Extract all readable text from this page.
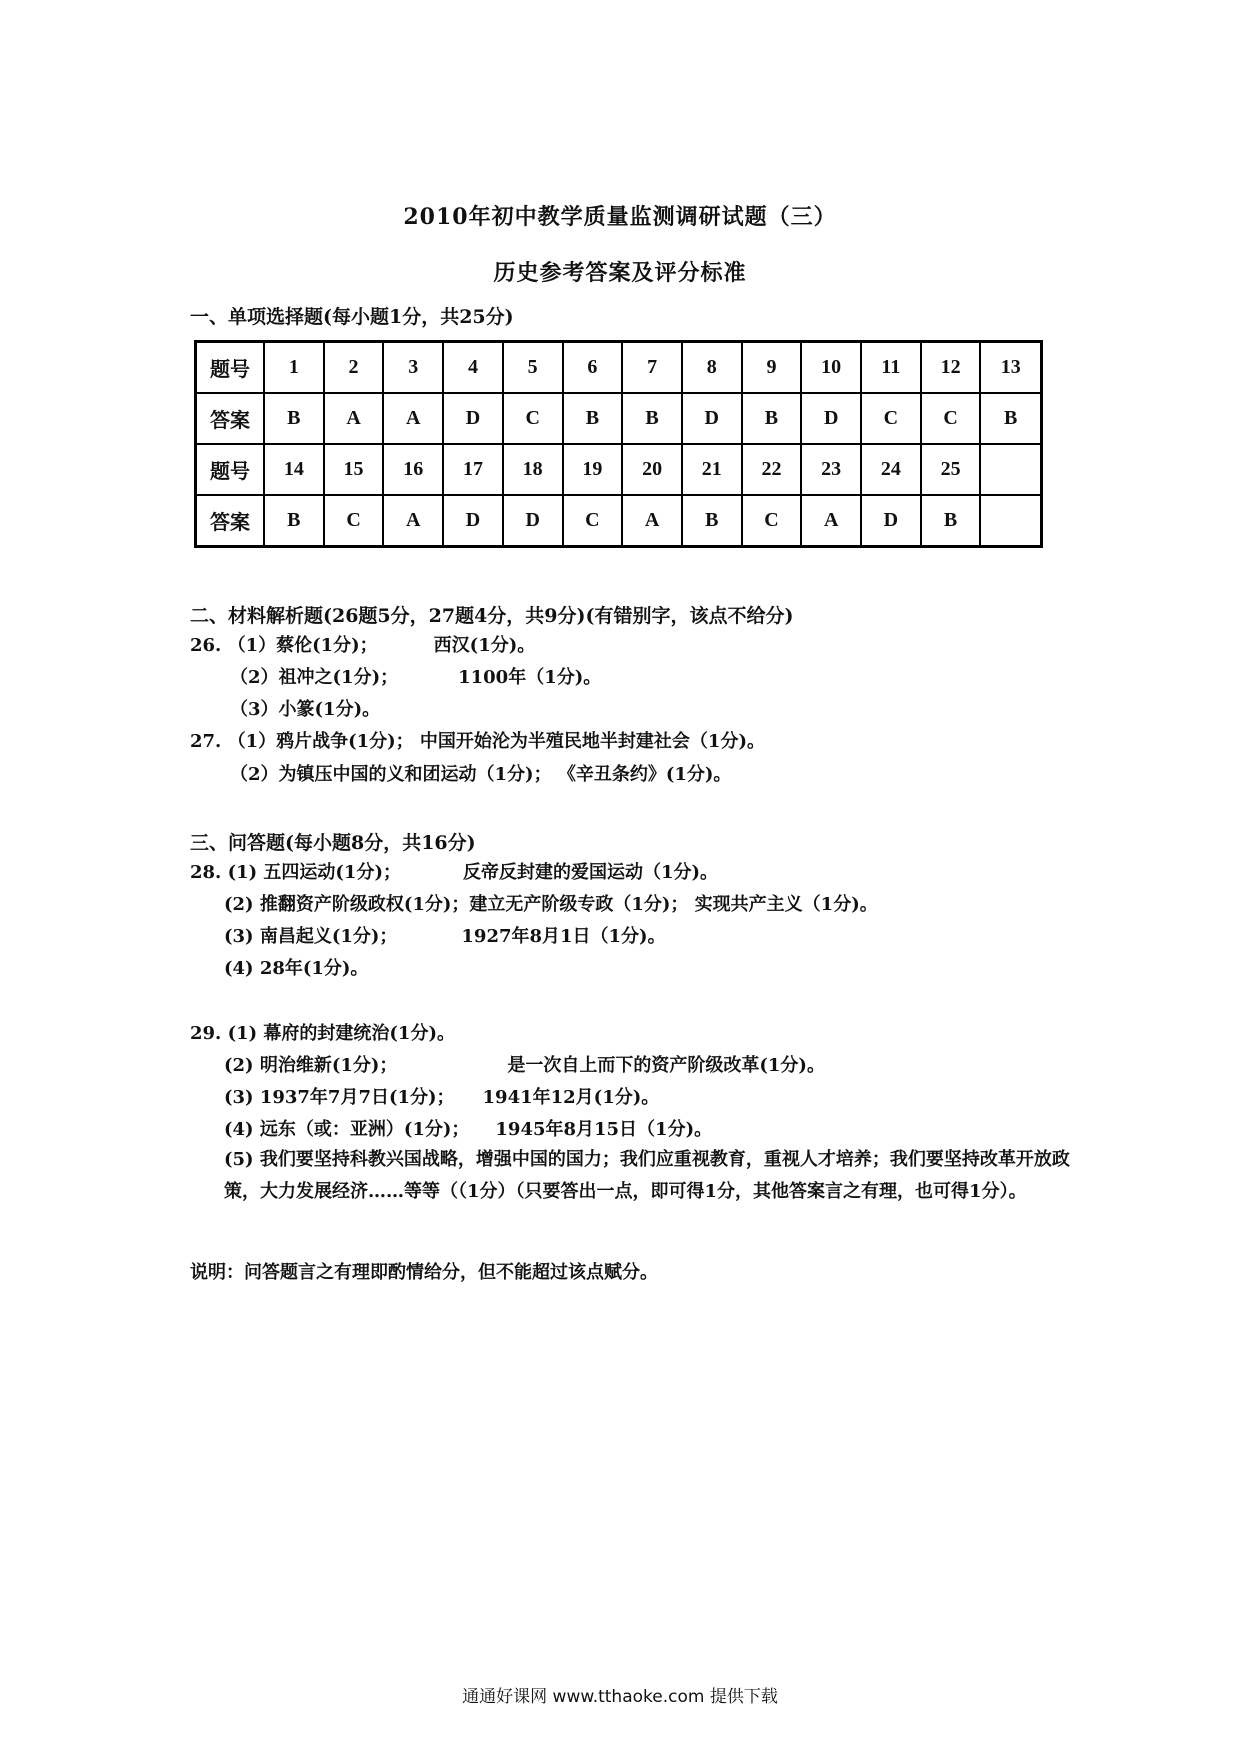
2010年初中教学质量监测调研试题（三）
历史参考答案及评分标准
一、单项选择题(每小题1分，共25分)
题号	1	2	3	4	5	6	7	8	9	10	11	12	13
答案	B	A	A	D	C	B	B	D	B	D	C	C	B
题号	14	15	16	17	18	19	20	21	22	23	24	25	
答案	B	C	A	D	D	C	A	B	C	A	D	B	
二、材料解析题(26题5分，27题4分，共9分)(有错别字，该点不给分)
26. （1）蔡伦(1分)；	西汉(1分)。
（2）祖冲之(1分)；	1100年（1分)。
（3）小篆(1分)。
27. （1）鸦片战争(1分)； 中国开始沦为半殖民地半封建社会（1分)。
（2）为镇压中国的义和团运动（1分)； 《辛丑条约》(1分)。
三、问答题(每小题8分，共16分)
28. (1) 五四运动(1分)；	反帝反封建的爱国运动（1分)。
(2) 推翻资产阶级政权(1分)；建立无产阶级专政（1分)； 实现共产主义（1分)。
(3) 南昌起义(1分)；	1927年8月1日（1分)。
(4) 28年(1分)。
29. (1) 幕府的封建统治(1分)。
(2) 明治维新(1分)；	是一次自上而下的资产阶级改革(1分)。
(3) 1937年7月7日(1分)； 1941年12月(1分)。
(4) 远东（或：亚洲）(1分)； 1945年8月15日（1分)。
(5) 我们要坚持科教兴国战略，增强中国的国力；我们应重视教育，重视人才培养；我们要坚持改革开放政策，大力发展经济……等等（（1分）（只要答出一点，即可得1分，其他答案言之有理，也可得1分）。
说明：问答题言之有理即酌情给分，但不能超过该点赋分。
通通好课网 www.tthaoke.com 提供下载
